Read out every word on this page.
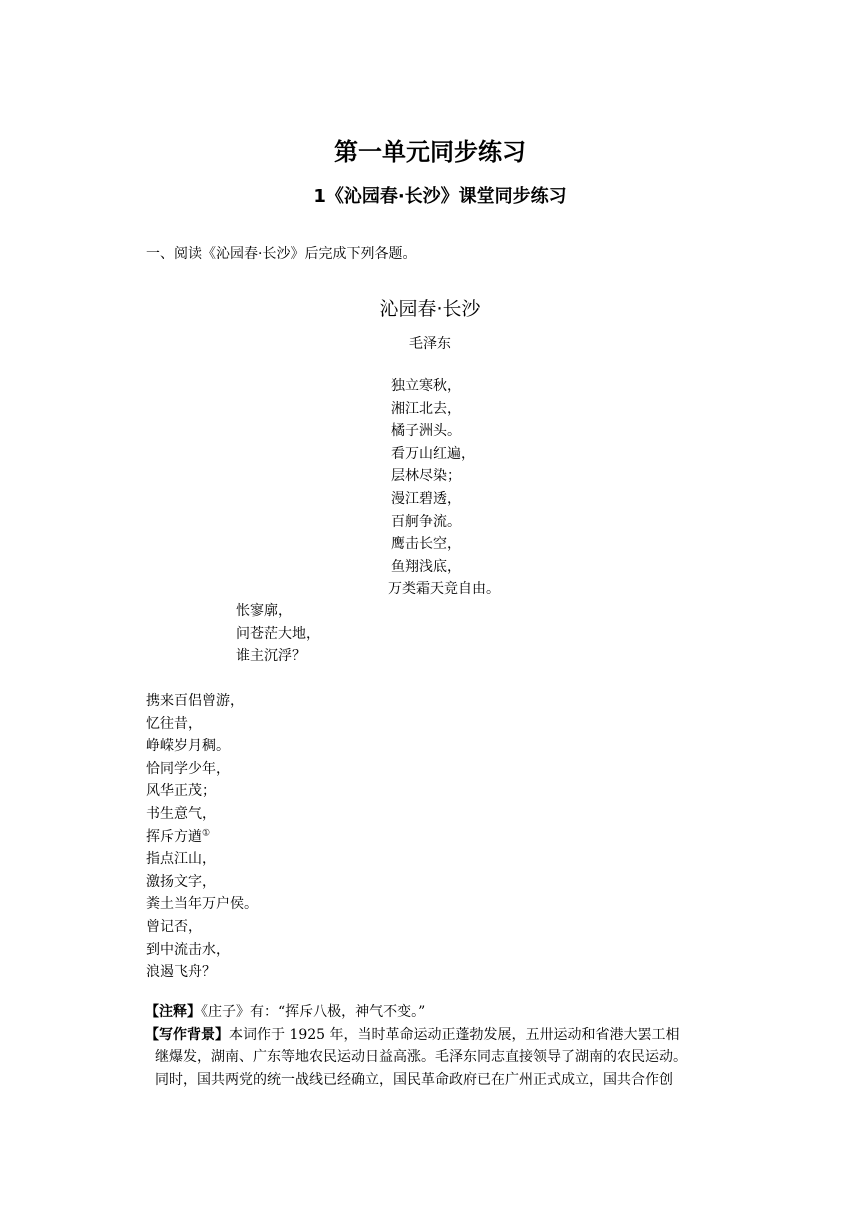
第一单元同步练习
1《沁园春·长沙》课堂同步练习
一、阅读《沁园春·长沙》后完成下列各题。
沁园春·长沙
毛泽东
独立寒秋，
湘江北去，
橘子洲头。
看万山红遍，
层林尽染；
漫江碧透，
百舸争流。
鹰击长空，
鱼翔浅底，
万类霜天竞自由。
怅寥廓，
问苍茫大地，
谁主沉浮？
携来百侣曾游，
忆往昔，
峥嵘岁月稠。
恰同学少年，
风华正茂；
书生意气，
挥斥方遒①
指点江山，
激扬文字，
粪土当年万户侯。
曾记否，
到中流击水，
浪遏飞舟？
【注释】《庄子》有：“挥斥八极，神气不变。”
【写作背景】本词作于 1925 年，当时革命运动正蓬勃发展，五卅运动和省港大罢工相
继爆发，湖南、广东等地农民运动日益高涨。毛泽东同志直接领导了湖南的农民运动。
同时，国共两党的统一战线已经确立，国民革命政府已在广州正式成立，国共合作创
